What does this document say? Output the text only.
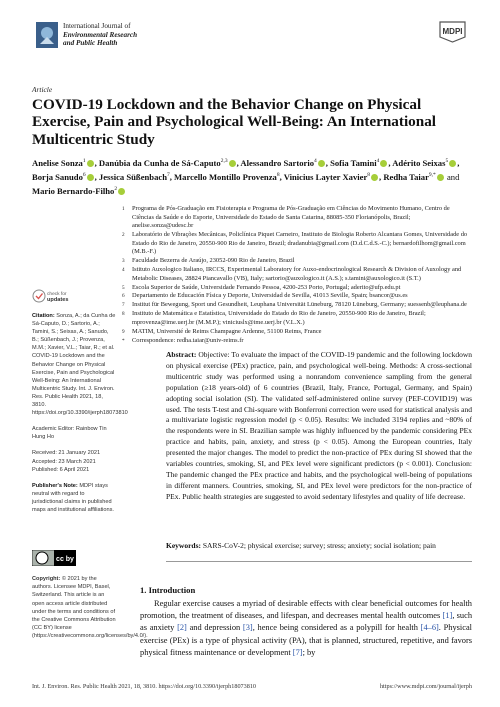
International Journal of
Environmental Research
and Public Health
MDPI
Article
COVID-19 Lockdown and the Behavior Change on Physical Exercise, Pain and Psychological Well-Being: An International Multicentric Study
Anelise Sonza$^1$ , Danúbia da Cunha de Sá-Caputo$^{2,3}$ , Alessandro Sartorio$^4$ , Sofia Tamini$^4$ , Adérito Seixas$^5$ , Borja Sanudo$^6$ , Jessica Süßenbach$^7$, Marcello Montillo Provenza$^8$, Vinicius Layter Xavier$^8$ , Redha Taiar$^{9,*}$ and Mario Bernardo-Filho$^2$
1	Programa de Pós-Graduação em Fisioterapia e Programa de Pós-Graduação em Ciências do Movimento Humano, Centro de Ciências da Saúde e do Esporte, Universidade do Estado de Santa Catarina, 88085-350 Florianópolis, Brazil; anelise.sonza@udesc.br
2	Laboratório de Vibrações Mecânicas, Policlínica Piquet Carneiro, Instituto de Biologia Roberto Alcantara Gomes, Universidade do Estado do Rio de Janeiro, 20550-900 Rio de Janeiro, Brazil; dradanubia@gmail.com (D.d.C.d.S.-C.); bernardofilhom@gmail.com (M.B.-F.)
3	Faculdade Bezerra de Araújo, 23052-090 Rio de Janeiro, Brazil
4	Istituto Auxologico Italiano, IRCCS, Experimental Laboratory for Auxo-endocrinological Research & Division of Auxology and Metabolic Diseases, 28824 Piancavallo (VB), Italy; sartorio@auxologico.it (A.S.); s.tamini@auxologico.it (S.T.)
5	Escola Superior de Saúde, Universidade Fernando Pessoa, 4200-253 Porto, Portugal; aderito@ufp.edu.pt
6	Departamento de Educación Física y Deporte, Universidad de Sevilla, 41013 Seville, Spain; bsancor@us.es
7	Institut für Bewegung, Sport und Gesundheit, Leuphana Universität Lüneburg, 78120 Lüneburg, Germany; suessenb@leuphana.de
8	Instituto de Matemática e Estatística, Universidade do Estado do Rio de Janeiro, 20550-900 Rio de Janeiro, Brazil; mprovenza@ime.uerj.br (M.M.P.); viniciuslx@ime.uerj.br (V.L.X.)
9	MATIM, Université de Reims Champagne Ardenne, 51100 Reims, France
*	Correspondence: redha.taiar@univ-reims.fr
check for
updates
Citation: Sonza, A.; da Cunha de Sá-Caputo, D.; Sartorio, A.; Tamini, S.; Seixas, A.; Sanudo, B.; Süßenbach, J.; Provenza, M.M.; Xavier, V.L.; Taiar, R.; et al. COVID-19 Lockdown and the Behavior Change on Physical Exercise, Pain and Psychological Well-Being: An International Multicentric Study. Int. J. Environ. Res. Public Health 2021, 18, 3810. https://doi.org/10.3390/ijerph18073810
Academic Editor: Rainbow Tin Hung Ho
Received: 21 January 2021
Accepted: 23 March 2021
Published: 6 April 2021
Publisher's Note: MDPI stays neutral with regard to jurisdictional claims in published maps and institutional affiliations.
cc by
Copyright: © 2021 by the authors. Licensee MDPI, Basel, Switzerland. This article is an open access article distributed under the terms and conditions of the Creative Commons Attribution (CC BY) license (https://creativecommons.org/licenses/by/4.0/).
Abstract: Objective: To evaluate the impact of the COVID-19 pandemic and the following lockdown on physical exercise (PEx) practice, pain, and psychological well-being. Methods: A cross-sectional multicentric study was performed using a nonrandom convenience sampling from the general population (≥18 years-old) of 6 countries (Brazil, Italy, France, Portugal, Germany, and Spain) adopting social isolation (SI). The validated self-administered online survey (PEF-COVID19) was used. The tests T-test and Chi-square with Bonferroni correction were used for statistical analysis and a multivariate logistic regression model (p < 0.05). Results: We included 3194 replies and ~80% of the respondents were in SI. Brazilian sample was highly influenced by the pandemic considering PEx practice and habits, pain, anxiety, and stress (p < 0.05). Among the European countries, Italy presented the major changes. The model to predict the non-practice of PEx during SI showed that the variables countries, smoking, SI, and PEx level were significant predictors (p < 0.001). Conclusion: The pandemic changed the PEx practice and habits, and the psychological well-being of populations in different manners. Countries, smoking, SI, and PEx level were predictors for the non-practice of PEx. Public health strategies are suggested to avoid sedentary lifestyles and quality of life decrease.
Keywords: SARS-CoV-2; physical exercise; survey; stress; anxiety; social isolation; pain
1. Introduction
Regular exercise causes a myriad of desirable effects with clear beneficial outcomes for health promotion, the treatment of diseases, and lifespan, and decreases mental health outcomes [1], such as anxiety [2] and depression [3], hence being considered as a polypill for health [4–6]. Physical exercise (PEx) is a type of physical activity (PA), that is planned, structured, repetitive, and favors physical fitness maintenance or development [7]; by
Int. J. Environ. Res. Public Health 2021, 18, 3810. https://doi.org/10.3390/ijerph18073810	https://www.mdpi.com/journal/ijerph
